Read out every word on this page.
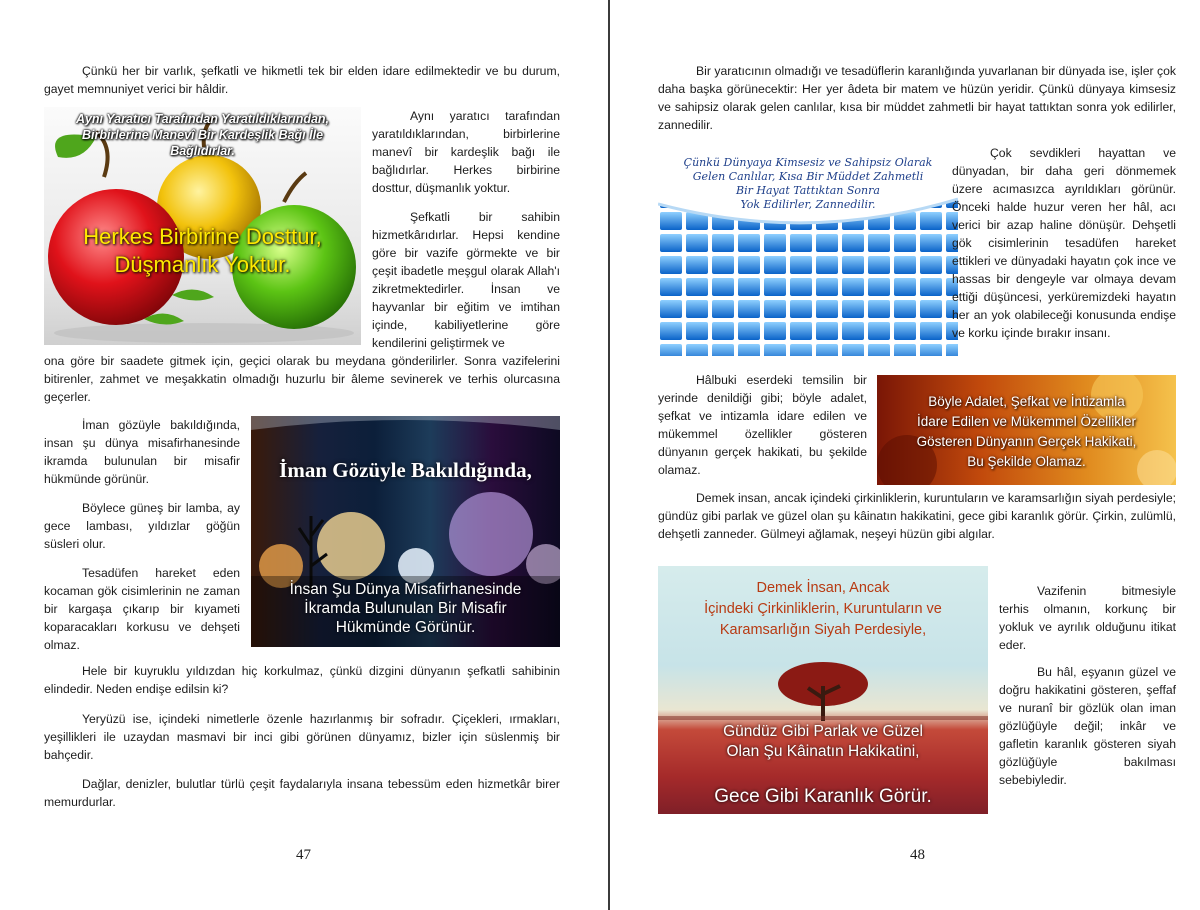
Çünkü her bir varlık, şefkatli ve hikmetli tek bir elden idare edilmektedir ve bu durum, gayet memnuniyet verici bir hâldir.

Aynı Yaratıcı Tarafından Yaratıldıklarından,
Birbirlerine Manevî Bir Kardeşlik Bağı İle
Bağlıdırlar.
Herkes Birbirine Dosttur,
Düşmanlık Yoktur.

Aynı yaratıcı tarafından yaratıldıklarından, birbirlerine manevî bir kardeşlik bağı ile bağlıdırlar. Herkes birbirine dosttur, düşmanlık yoktur.

Şefkatli bir sahibin hizmetkârıdırlar. Hepsi kendine göre bir vazife görmekte ve bir çeşit ibadetle meşgul olarak Allah'ı zikretmektedirler. İnsan ve hayvanlar bir eğitim ve imtihan içinde, kabiliyetlerine göre kendilerini geliştirmek ve

ona göre bir saadete gitmek için, geçici olarak bu meydana gönderilirler. Sonra vazifelerini bitirenler, zahmet ve meşakkatin olmadığı huzurlu bir âleme sevinerek ve terhis olurcasına geçerler.

İman gözüyle bakıldığında, insan şu dünya misafirhanesinde ikramda bulunulan bir misafir hükmünde görünür.

Böylece güneş bir lamba, ay gece lambası, yıldızlar göğün süsleri olur.

Tesadüfen hareket eden kocaman gök cisimlerinin ne zaman bir kargaşa çıkarıp bir kıyameti koparacakları korkusu ve dehşeti olmaz.

İman Gözüyle Bakıldığında,
İnsan Şu Dünya Misafirhanesinde
İkramda Bulunulan Bir Misafir
Hükmünde Görünür.

Hele bir kuyruklu yıldızdan hiç korkulmaz, çünkü dizgini dünyanın şefkatli sahibinin elindedir. Neden endişe edilsin ki?

Yeryüzü ise, içindeki nimetlerle özenle hazırlanmış bir sofradır. Çiçekleri, ırmakları, yeşillikleri ile uzaydan masmavi bir inci gibi görünen dünyamız, bizler için süslenmiş bir bahçedir.

Dağlar, denizler, bulutlar türlü çeşit faydalarıyla insana tebessüm eden hizmetkâr birer memurdurlar.

47

Bir yaratıcının olmadığı ve tesadüflerin karanlığında yuvarlanan bir dünyada ise, işler çok daha başka görünecektir: Her yer âdeta bir matem ve hüzün yeridir. Çünkü dünyaya kimsesiz ve sahipsiz olarak gelen canlılar, kısa bir müddet zahmetli bir hayat tattıktan sonra yok edilirler, zannedilir.

Çünkü Dünyaya Kimsesiz ve Sahipsiz Olarak
Gelen Canlılar, Kısa Bir Müddet Zahmetli
Bir Hayat Tattıktan Sonra
Yok Edilirler, Zannedilir.

Çok sevdikleri hayattan ve dünyadan, bir daha geri dönmemek üzere acımasızca ayrıldıkları görünür. Önceki halde huzur veren her hâl, acı verici bir azap haline dönüşür. Dehşetli gök cisimlerinin tesadüfen hareket ettikleri ve dünyadaki hayatın çok ince ve hassas bir dengeyle var olmaya devam ettiği düşüncesi, yerküremizdeki hayatın her an yok olabileceği konusunda endişe ve korku içinde bırakır insanı.

Hâlbuki eserdeki temsilin bir yerinde denildiği gibi; böyle adalet, şefkat ve intizamla idare edilen ve mükemmel özellikler gösteren dünyanın gerçek hakikati, bu şekilde olamaz.

Böyle Adalet, Şefkat ve İntizamla
İdare Edilen ve Mükemmel Özellikler
Gösteren Dünyanın Gerçek Hakikati,
Bu Şekilde Olamaz.

Demek insan, ancak içindeki çirkinliklerin, kuruntuların ve karamsarlığın siyah perdesiyle; gündüz gibi parlak ve güzel olan şu kâinatın hakikatini, gece gibi karanlık görür. Çirkin, zulümlü, dehşetli zanneder. Gülmeyi ağlamak, neşeyi hüzün gibi algılar.

Demek İnsan, Ancak
İçindeki Çirkinliklerin, Kuruntuların ve
Karamsarlığın Siyah Perdesiyle,
Gündüz Gibi Parlak ve Güzel
Olan Şu Kâinatın Hakikatini,
Gece Gibi Karanlık Görür.

Vazifenin bitmesiyle terhis olmanın, korkunç bir yokluk ve ayrılık olduğunu itikat eder.

Bu hâl, eşyanın güzel ve doğru hakikatini gösteren, şeffaf ve nuranî bir gözlük olan iman gözlüğüyle değil; inkâr ve gafletin karanlık gösteren siyah gözlüğüyle bakılması sebebiyledir.

48
